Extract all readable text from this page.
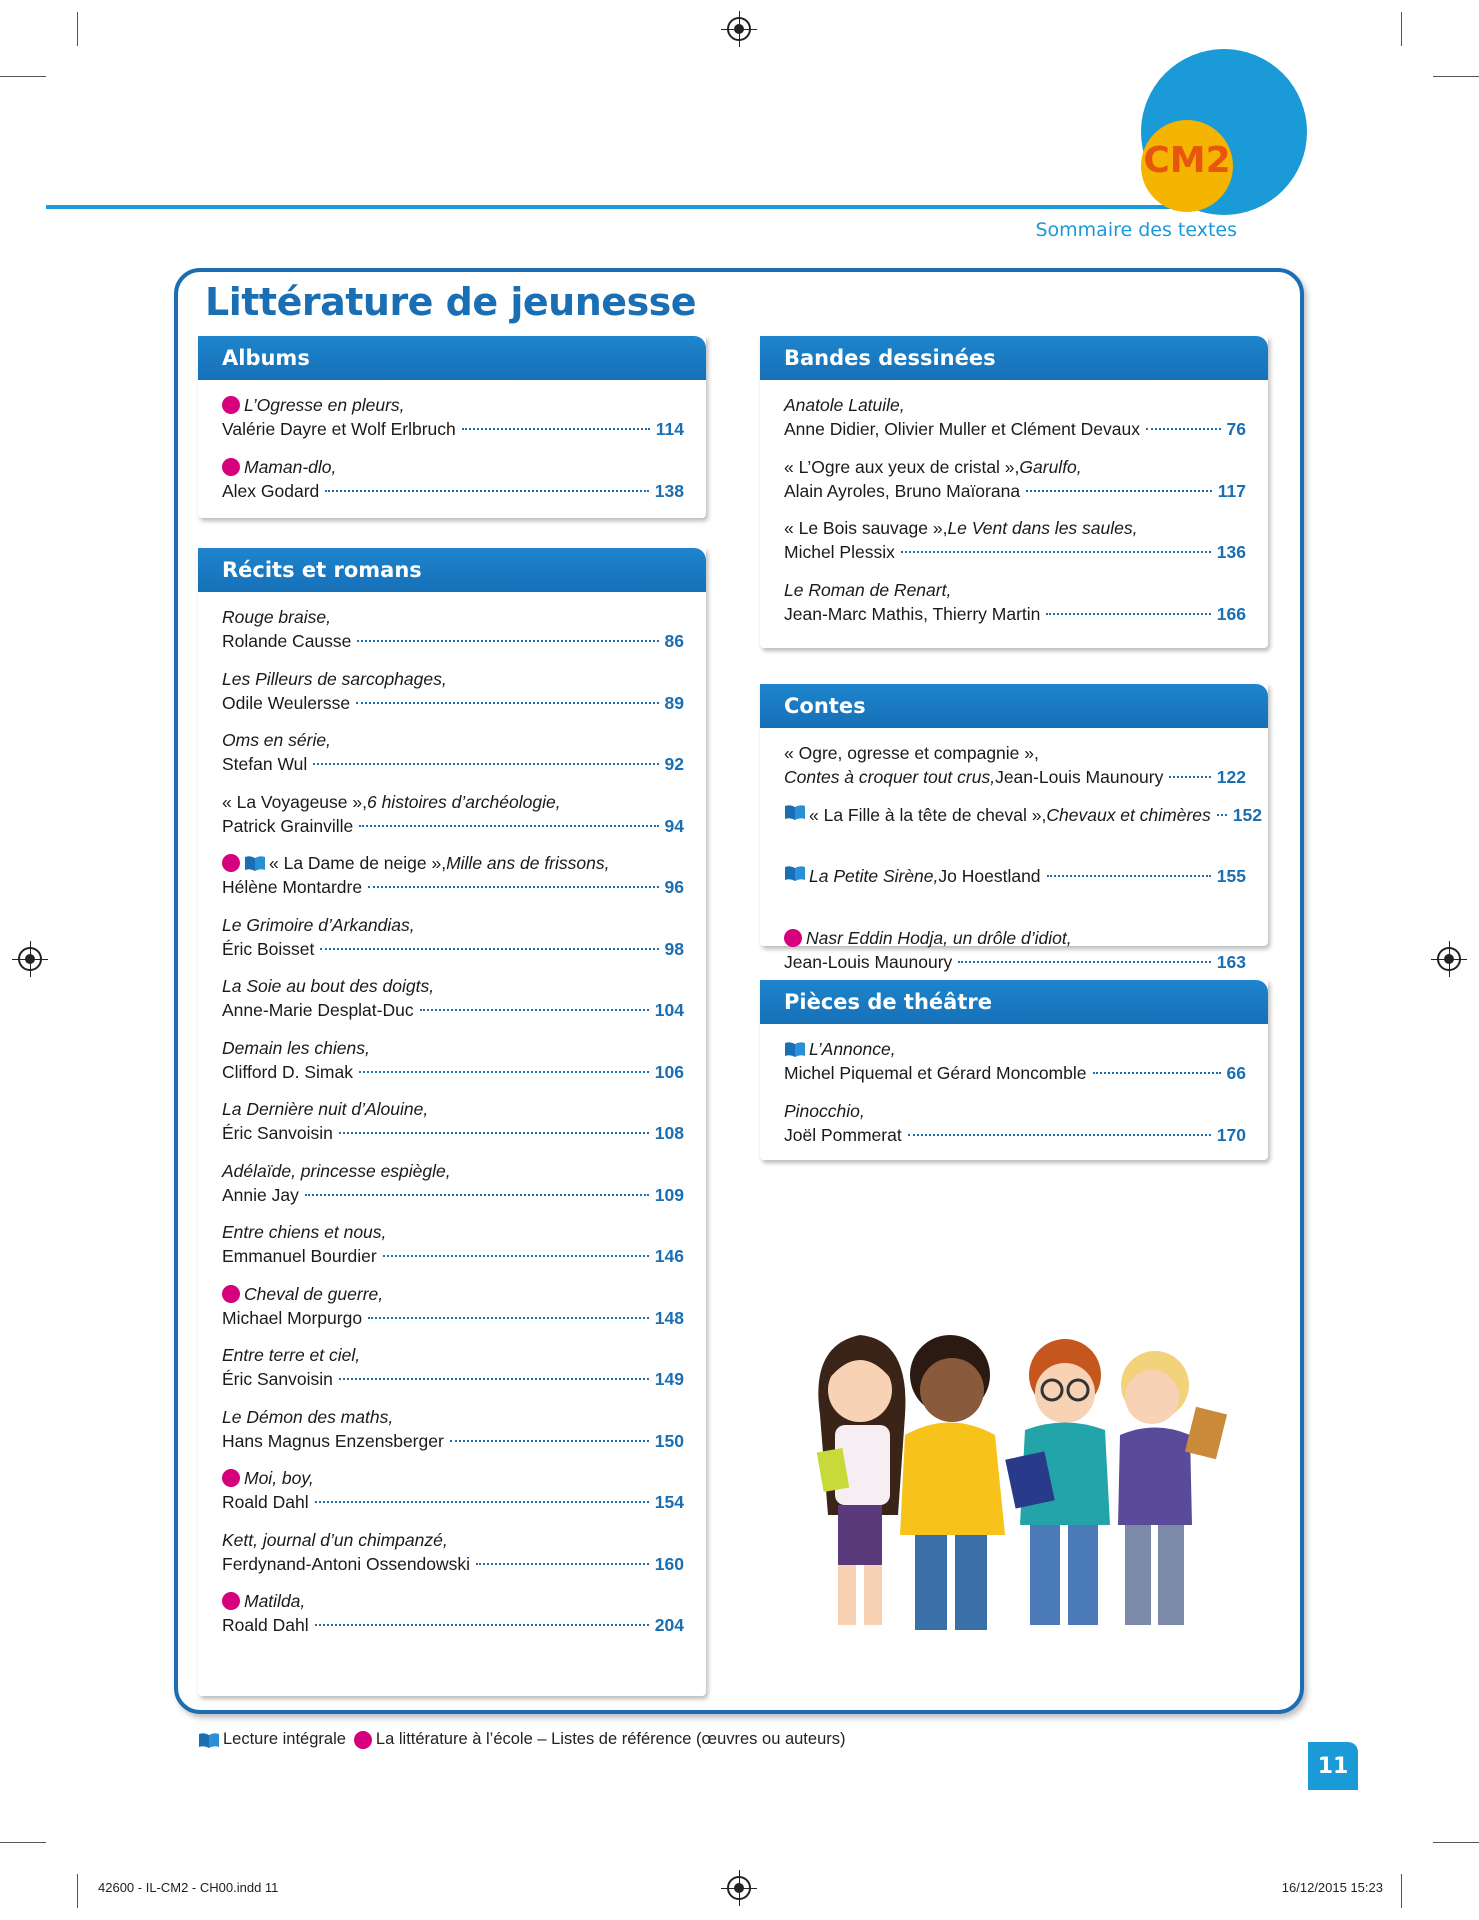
CM2
Sommaire des textes
Littérature de jeunesse
Albums
L’Ogresse en pleurs,
Valérie Dayre et Wolf Erlbruch	114
Maman-dlo,
Alex Godard	138
Récits et romans
Rouge braise,
Rolande Causse	86
Les Pilleurs de sarcophages,
Odile Weulersse	89
Oms en série,
Stefan Wul	92
« La Voyageuse », 6 histoires d’archéologie,
Patrick Grainville	94
« La Dame de neige », Mille ans de frissons,
Hélène Montardre	96
Le Grimoire d’Arkandias,
Éric Boisset	98
La Soie au bout des doigts,
Anne-Marie Desplat-Duc	104
Demain les chiens,
Clifford D. Simak	106
La Dernière nuit d’Alouine,
Éric Sanvoisin	108
Adélaïde, princesse espiègle,
Annie Jay	109
Entre chiens et nous,
Emmanuel Bourdier	146
Cheval de guerre,
Michael Morpurgo	148
Entre terre et ciel,
Éric Sanvoisin	149
Le Démon des maths,
Hans Magnus Enzensberger	150
Moi, boy,
Roald Dahl	154
Kett, journal d’un chimpanzé,
Ferdynand-Antoni Ossendowski	160
Matilda,
Roald Dahl	204
Bandes dessinées
Anatole Latuile,
Anne Didier, Olivier Muller et Clément Devaux	76
« L’Ogre aux yeux de cristal », Garulfo,
Alain Ayroles, Bruno Maïorana	117
« Le Bois sauvage », Le Vent dans les saules,
Michel Plessix	136
Le Roman de Renart,
Jean-Marc Mathis, Thierry Martin	166
Contes
« Ogre, ogresse et compagnie »,
Contes à croquer tout crus, Jean-Louis Maunoury	122
« La Fille à la tête de cheval », Chevaux et chimères 152
La Petite Sirène, Jo Hoestland	155
Nasr Eddin Hodja, un drôle d’idiot,
Jean-Louis Maunoury	163
Pièces de théâtre
L’Annonce,
Michel Piquemal et Gérard Moncomble	66
Pinocchio,
Joël Pommerat	170
Lecture intégrale La littérature à l’école – Listes de référence (œuvres ou auteurs)
11
42600 - IL-CM2 - CH00.indd 11	16/12/2015 15:23
